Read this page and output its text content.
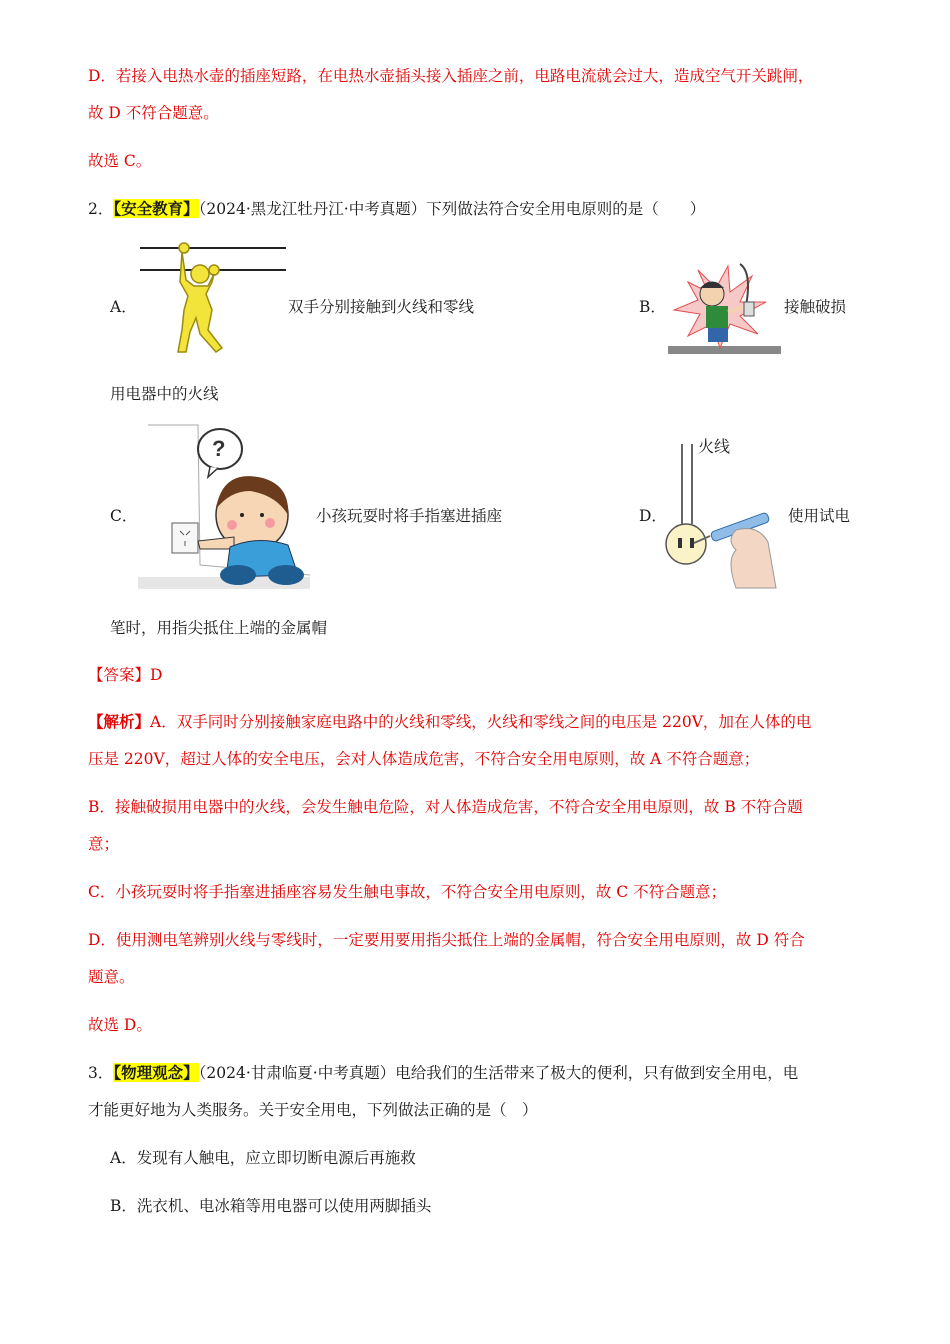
D．若接入电热水壶的插座短路，在电热水壶插头接入插座之前，电路电流就会过大，造成空气开关跳闸，
故 D 不符合题意。
故选 C。
2．【安全教育】（2024·黑龙江牡丹江·中考真题）下列做法符合安全用电原则的是（　　）
A．	双手分别接触到火线和零线	B．	接触破损
用电器中的火线
C．
?
小孩玩耍时将手指塞进插座	D．
火线
使用试电
笔时，用指尖抵住上端的金属帽
【答案】D
【解析】A．双手同时分别接触家庭电路中的火线和零线，火线和零线之间的电压是 220V，加在人体的电
压是 220V，超过人体的安全电压，会对人体造成危害，不符合安全用电原则，故 A 不符合题意；
B．接触破损用电器中的火线，会发生触电危险，对人体造成危害，不符合安全用电原则，故 B 不符合题
意；
C．小孩玩耍时将手指塞进插座容易发生触电事故，不符合安全用电原则，故 C 不符合题意；
D．使用测电笔辨别火线与零线时，一定要用要用指尖抵住上端的金属帽，符合安全用电原则，故 D 符合
题意。
故选 D。
3．【物理观念】（2024·甘肃临夏·中考真题）电给我们的生活带来了极大的便利，只有做到安全用电，电
才能更好地为人类服务。关于安全用电，下列做法正确的是（　）
A．发现有人触电，应立即切断电源后再施救
B．洗衣机、电冰箱等用电器可以使用两脚插头
